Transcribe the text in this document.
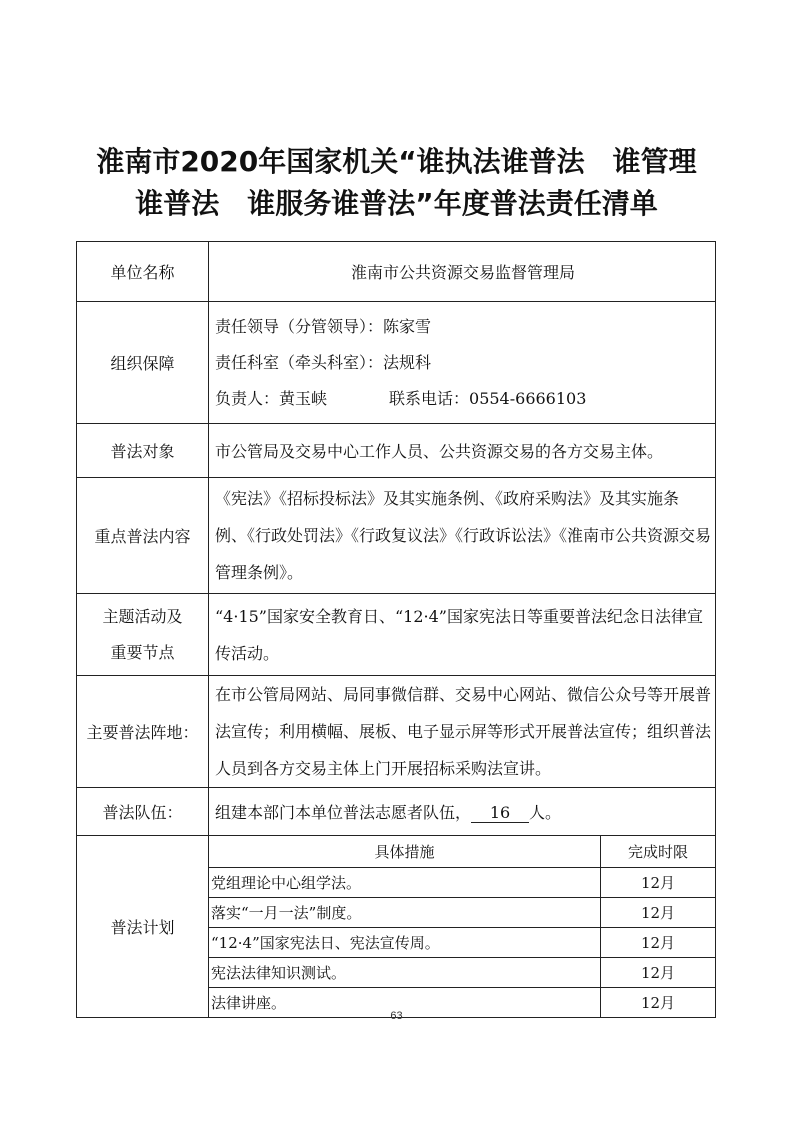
淮南市2020年国家机关“谁执法谁普法　谁管理
谁普法　谁服务谁普法”年度普法责任清单
单位名称	淮南市公共资源交易监督管理局
组织保障	
责任领导（分管领导）：陈家雪
责任科室（牵头科室）：法规科
负责人：黄玉峡	联系电话：0554-6666103

普法对象	市公管局及交易中心工作人员、公共资源交易的各方交易主体。
重点普法内容	《宪法》《招标投标法》及其实施条例、《政府采购法》及其实施条例、《行政处罚法》《行政复议法》《行政诉讼法》《淮南市公共资源交易管理条例》。

主题活动及
重要节点
	“4·15”国家安全教育日、“12·4”国家宪法日等重要普法纪念日法律宣传活动。
主要普法阵地：	在市公管局网站、局同事微信群、交易中心网站、微信公众号等开展普法宣传；利用横幅、展板、电子显示屏等形式开展普法宣传；组织普法人员到各方交易主体上门开展招标采购法宣讲。
普法队伍：	组建本部门本单位普法志愿者队伍， 16 人。
普法计划	
具体措施	完成时限
党组理论中心组学法。	12月
落实“一月一法”制度。	12月
“12·4”国家宪法日、宪法宣传周。	12月
宪法法律知识测试。	12月
法律讲座。	12月
63
